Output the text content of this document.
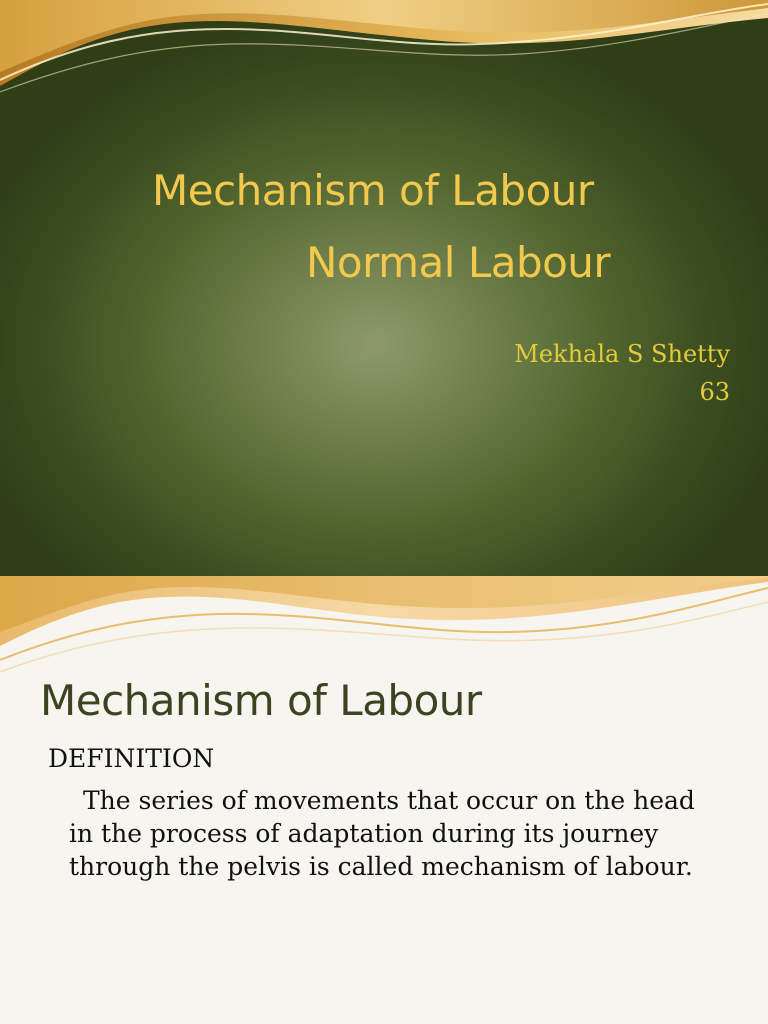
Mechanism of Labour
Normal Labour
Mekhala S Shetty
63
Mechanism of Labour
DEFINITION
The series of movements that occur on the head in the process of adaptation during its journey through the pelvis is called mechanism of labour.
